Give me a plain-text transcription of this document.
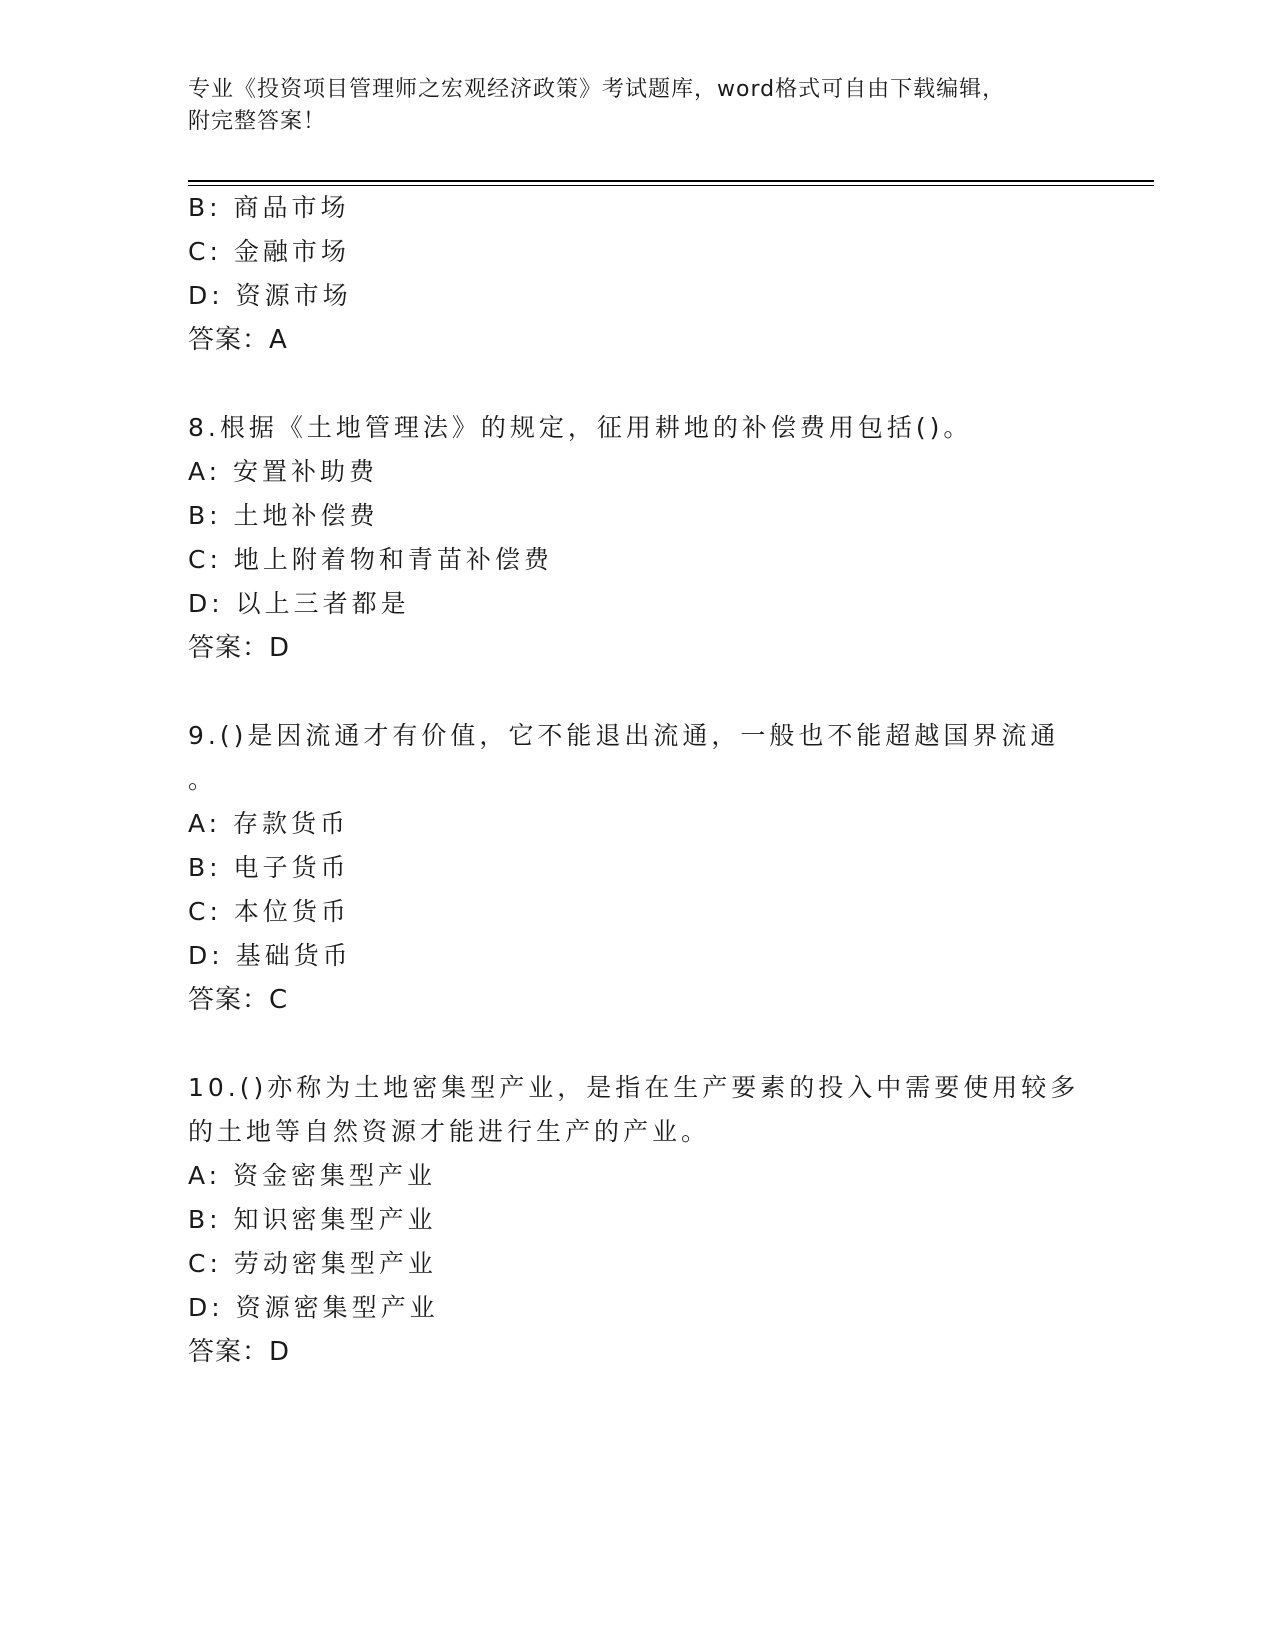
专业《投资项目管理师之宏观经济政策》考试题库，word格式可自由下载编辑，
附完整答案！
B: 商品市场
C: 金融市场
D: 资源市场
答案：A
8.根据《土地管理法》的规定，征用耕地的补偿费用包括()。
A: 安置补助费
B: 土地补偿费
C: 地上附着物和青苗补偿费
D: 以上三者都是
答案：D
9.()是因流通才有价值，它不能退出流通，一般也不能超越国界流通
。
A: 存款货币
B: 电子货币
C: 本位货币
D: 基础货币
答案：C
10.()亦称为土地密集型产业，是指在生产要素的投入中需要使用较多
的土地等自然资源才能进行生产的产业。
A: 资金密集型产业
B: 知识密集型产业
C: 劳动密集型产业
D: 资源密集型产业
答案：D
